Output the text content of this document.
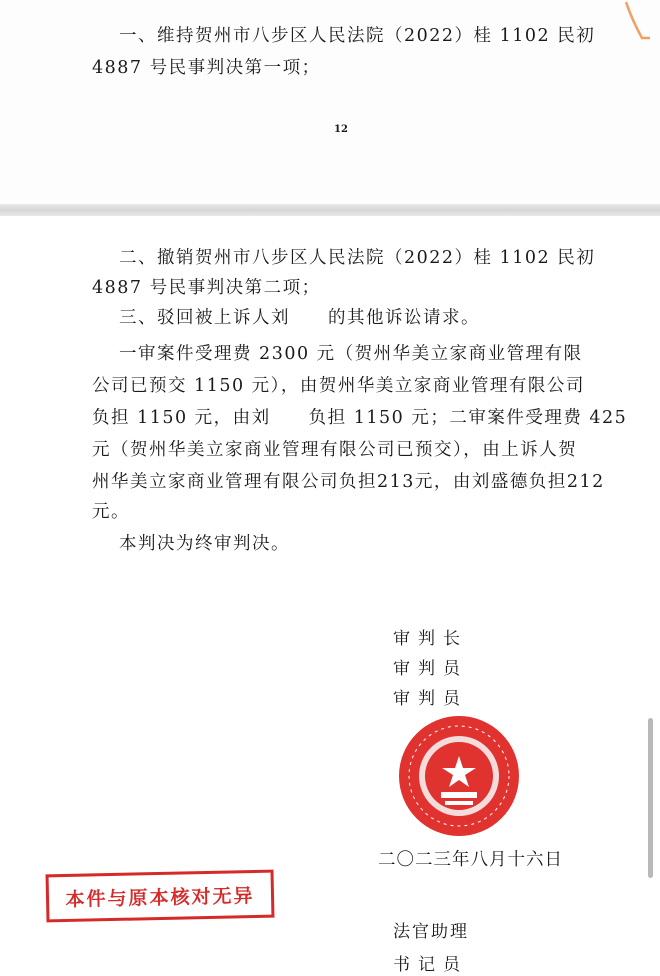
一、维持贺州市八步区人民法院（2022）桂 1102 民初
4887 号民事判决第一项；
12
二、撤销贺州市八步区人民法院（2022）桂 1102 民初
4887 号民事判决第二项；
三、驳回被上诉人刘 的其他诉讼请求。
一审案件受理费 2300 元（贺州华美立家商业管理有限
公司已预交 1150 元），由贺州华美立家商业管理有限公司
负担 1150 元，由刘 负担 1150 元；二审案件受理费 425
元（贺州华美立家商业管理有限公司已预交），由上诉人贺
州华美立家商业管理有限公司负担213元，由刘盛德负担212
元。
本判决为终审判决。
审判长
审判员
审判员
二〇二三年八月十六日
本件与原本核对无异
法官助理
书记员
